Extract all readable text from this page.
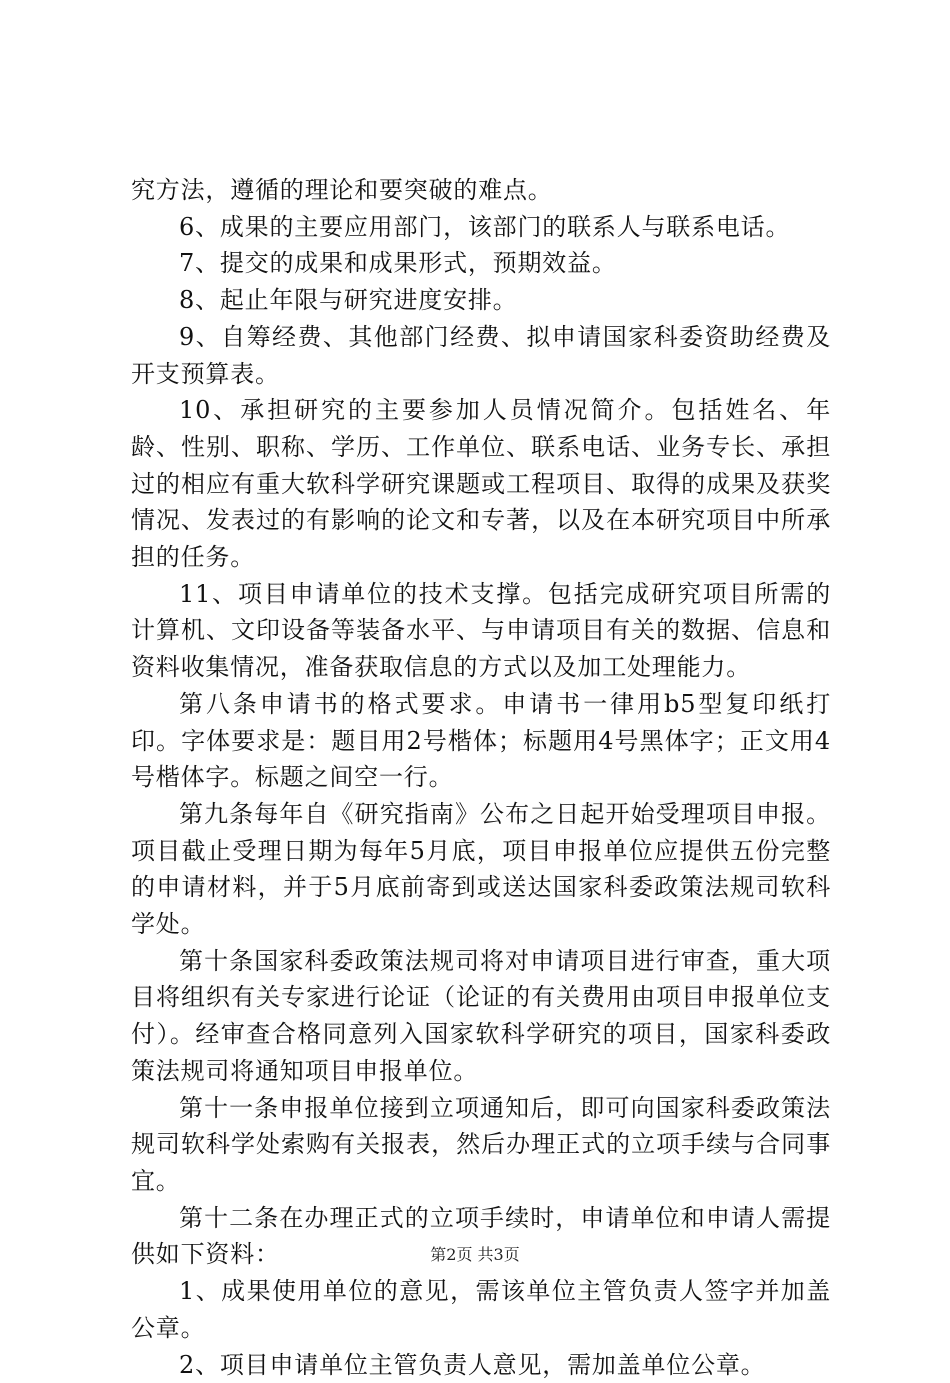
究方法，遵循的理论和要突破的难点。

6、成果的主要应用部门，该部门的联系人与联系电话。

7、提交的成果和成果形式，预期效益。

8、起止年限与研究进度安排。

9、自筹经费、其他部门经费、拟申请国家科委资助经费及开支预算表。

10、承担研究的主要参加人员情况简介。包括姓名、年龄、性别、职称、学历、工作单位、联系电话、业务专长、承担过的相应有重大软科学研究课题或工程项目、取得的成果及获奖情况、发表过的有影响的论文和专著，以及在本研究项目中所承担的任务。

11、项目申请单位的技术支撑。包括完成研究项目所需的计算机、文印设备等装备水平、与申请项目有关的数据、信息和资料收集情况，准备获取信息的方式以及加工处理能力。

第八条申请书的格式要求。申请书一律用b5型复印纸打印。字体要求是：题目用2号楷体；标题用4号黑体字；正文用4号楷体字。标题之间空一行。

第九条每年自《研究指南》公布之日起开始受理项目申报。项目截止受理日期为每年5月底，项目申报单位应提供五份完整的申请材料，并于5月底前寄到或送达国家科委政策法规司软科学处。

第十条国家科委政策法规司将对申请项目进行审查，重大项目将组织有关专家进行论证（论证的有关费用由项目申报单位支付）。经审查合格同意列入国家软科学研究的项目，国家科委政策法规司将通知项目申报单位。

第十一条申报单位接到立项通知后，即可向国家科委政策法规司软科学处索购有关报表，然后办理正式的立项手续与合同事宜。

第十二条在办理正式的立项手续时，申请单位和申请人需提供如下资料：

1、成果使用单位的意见，需该单位主管负责人签字并加盖公章。

2、项目申请单位主管负责人意见，需加盖单位公章。

第2页 共3页
